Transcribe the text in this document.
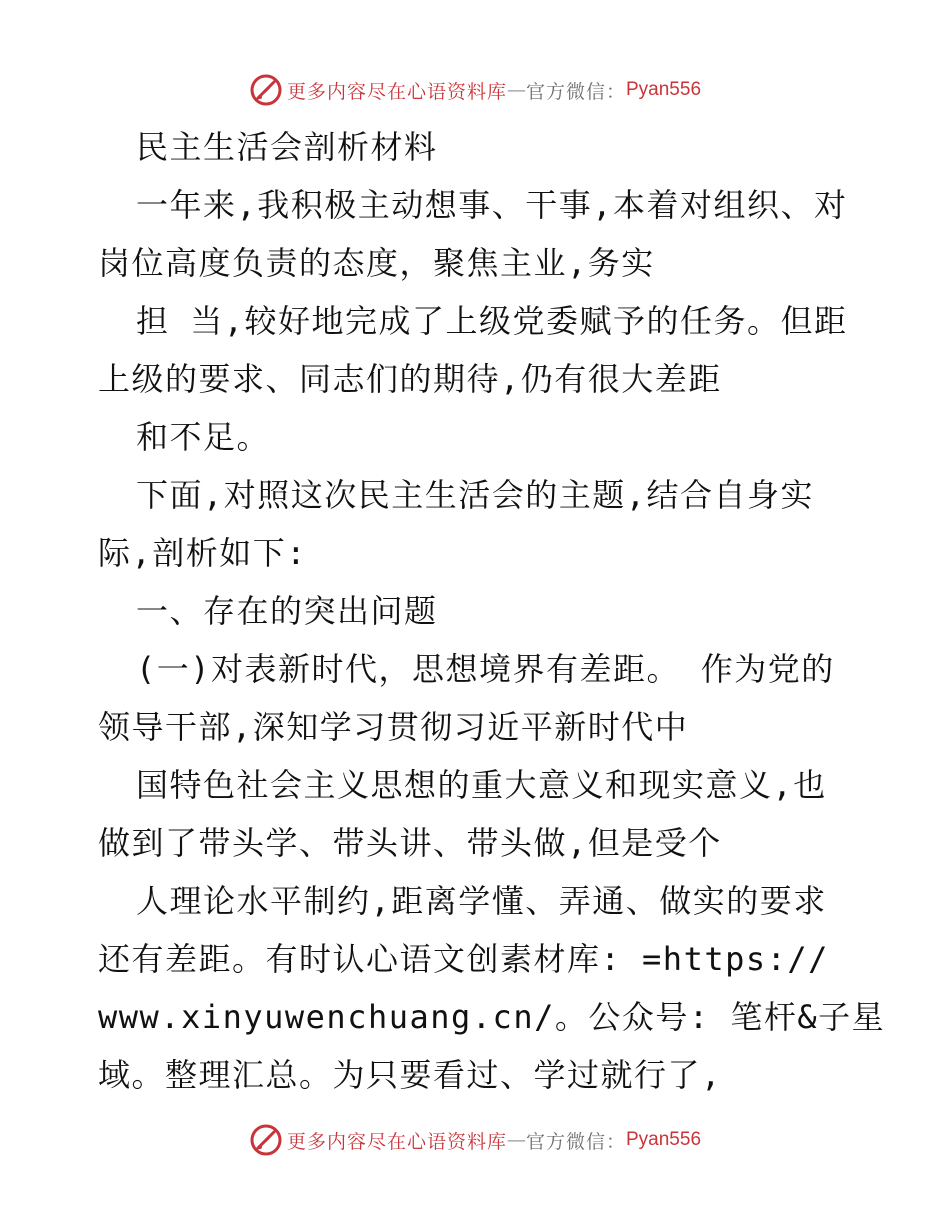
更多内容尽在心语资料库 — 官方微信： Pyan556

民主生活会剖析材料

一年来,我积极主动想事、干事,本着对组织、对

岗位高度负责的态度，聚焦主业,务实

担 当,较好地完成了上级党委赋予的任务。但距

上级的要求、同志们的期待,仍有很大差距

和不足。

下面,对照这次民主生活会的主题,结合自身实

际,剖析如下:

一、存在的突出问题

(一)对表新时代，思想境界有差距。 作为党的

领导干部,深知学习贯彻习近平新时代中

国特色社会主义思想的重大意义和现实意义,也

做到了带头学、带头讲、带头做,但是受个

人理论水平制约,距离学懂、弄通、做实的要求

还有差距。有时认心语文创素材库: =https://

www.xinyuwenchuang.cn/。公众号: 笔杆&子星

域。整理汇总。为只要看过、学过就行了,

更多内容尽在心语资料库 — 官方微信： Pyan556
